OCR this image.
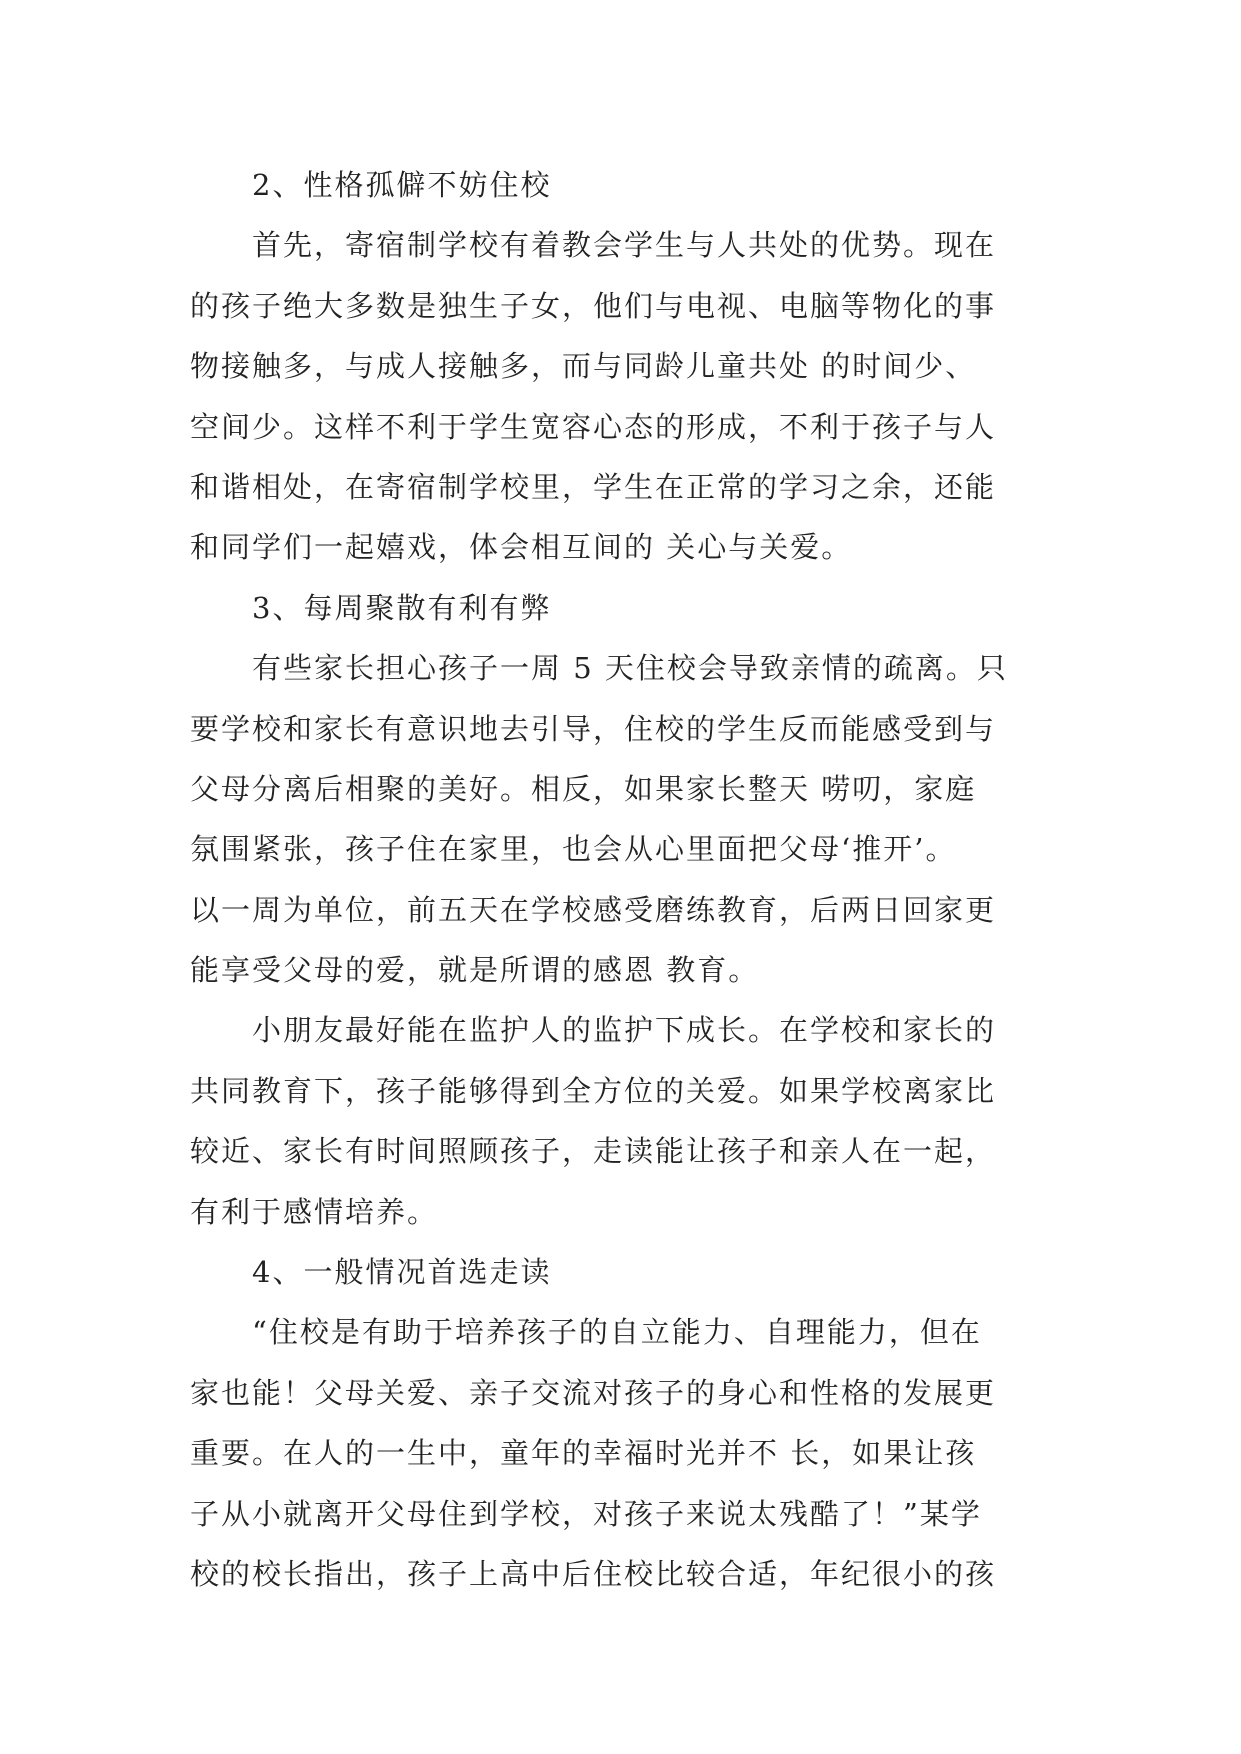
2、性格孤僻不妨住校
首先，寄宿制学校有着教会学生与人共处的优势。现在
的孩子绝大多数是独生子女，他们与电视、电脑等物化的事
物接触多，与成人接触多，而与同龄儿童共处 的时间少、
空间少。这样不利于学生宽容心态的形成，不利于孩子与人
和谐相处，在寄宿制学校里，学生在正常的学习之余，还能
和同学们一起嬉戏，体会相互间的 关心与关爱。
3、每周聚散有利有弊
有些家长担心孩子一周 5 天住校会导致亲情的疏离。只
要学校和家长有意识地去引导，住校的学生反而能感受到与
父母分离后相聚的美好。相反，如果家长整天 唠叨，家庭
氛围紧张，孩子住在家里，也会从心里面把父母‘推开’。
以一周为单位，前五天在学校感受磨练教育，后两日回家更
能享受父母的爱，就是所谓的感恩 教育。
小朋友最好能在监护人的监护下成长。在学校和家长的
共同教育下，孩子能够得到全方位的关爱。如果学校离家比
较近、家长有时间照顾孩子，走读能让孩子和亲人在一起，
有利于感情培养。
4、一般情况首选走读
“住校是有助于培养孩子的自立能力、自理能力，但在
家也能！父母关爱、亲子交流对孩子的身心和性格的发展更
重要。在人的一生中，童年的幸福时光并不 长，如果让孩
子从小就离开父母住到学校，对孩子来说太残酷了！”某学
校的校长指出，孩子上高中后住校比较合适，年纪很小的孩
